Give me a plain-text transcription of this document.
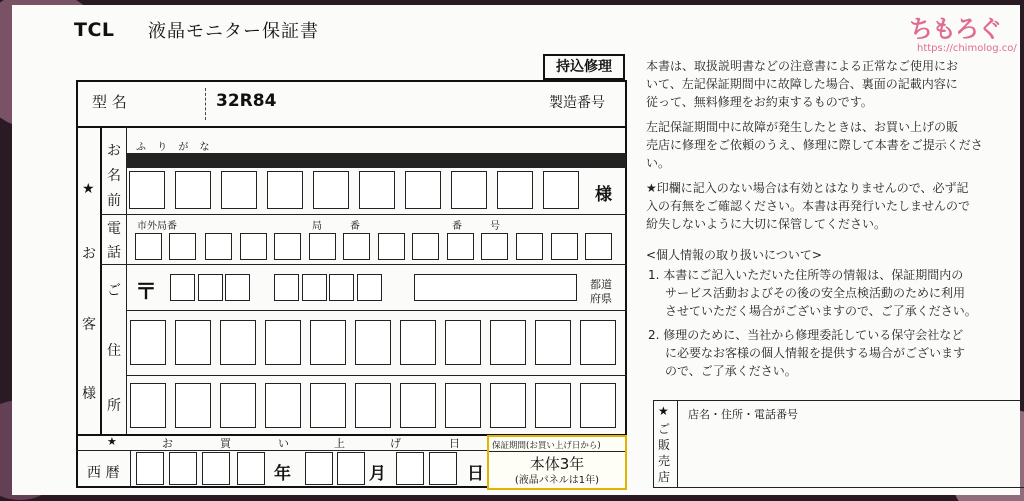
TCL 液晶モニター保証書
持込修理
ちもろぐ
https://chimolog.co/
型 名	32R84	製造番号
★
お
客
様
お
名
前
ふ り が な
様
電
話
市外局番	局	番	番	号
ご
住
所
〒	都道
府県
★	お	買	い	上	げ	日
西 暦	年	月	日
保証期間(お買い上げ日から)
本体3年
(液晶パネルは1年)
本書は、取扱説明書などの注意書による正常なご使用にお
いて、左記保証期間中に故障した場合、裏面の記載内容に
従って、無料修理をお約束するものです。
左記保証期間中に故障が発生したときは、お買い上げの販
売店に修理をご依頼のうえ、修理に際して本書をご提示くださ
い。
★印欄に記入のない場合は有効とはなりませんので、必ず記
入の有無をご確認ください。本書は再発行いたしませんので
紛失しないように大切に保管してください。
<個人情報の取り扱いについて>
1. 本書にご記入いただいた住所等の情報は、保証期間内の
サービス活動およびその後の安全点検活動のために利用
させていただく場合がございますので、ご了承ください。
2. 修理のために、当社から修理委託している保守会社など
に必要なお客様の個人情報を提供する場合がございます
ので、ご了承ください。
★
ご
販
売
店
店名・住所・電話番号
